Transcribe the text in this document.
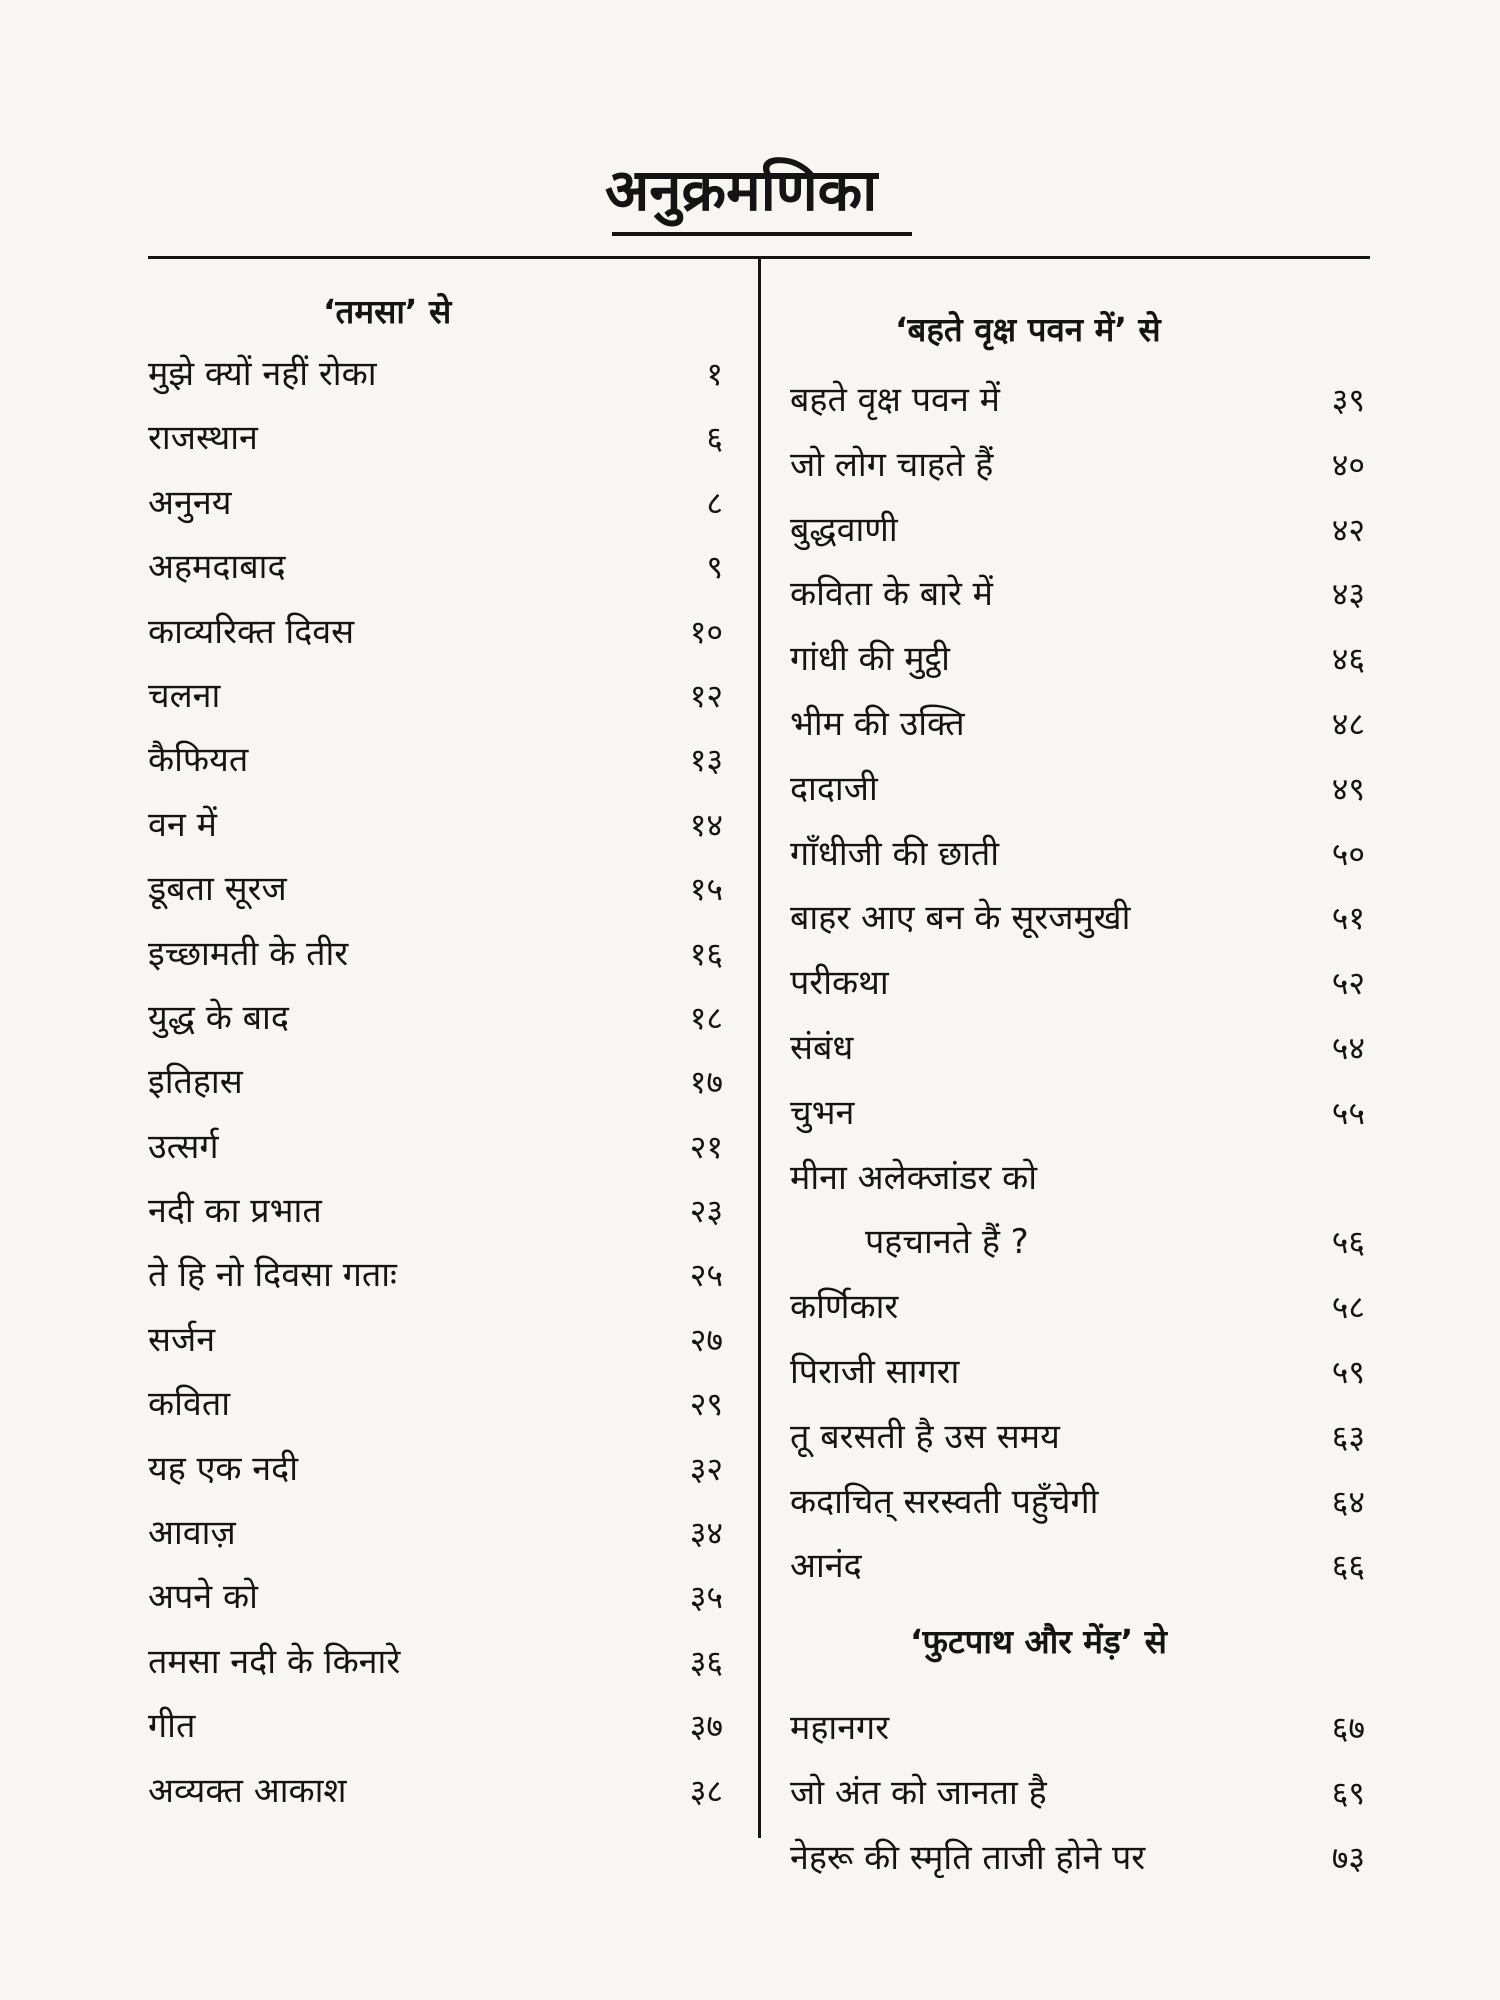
अनुक्रमणिका
‘तमसा’ से
मुझे क्यों नहीं रोका	१
राजस्थान	६
अनुनय	८
अहमदाबाद	९
काव्यरिक्त दिवस	१०
चलना	१२
कैफियत	१३
वन में	१४
डूबता सूरज	१५
इच्छामती के तीर	१६
युद्ध के बाद	१८
इतिहास	१७
उत्सर्ग	२१
नदी का प्रभात	२३
ते हि नो दिवसा गताः	२५
सर्जन	२७
कविता	२९
यह एक नदी	३२
आवाज़	३४
अपने को	३५
तमसा नदी के किनारे	३६
गीत	३७
अव्यक्त आकाश	३८
‘बहते वृक्ष पवन में’ से
बहते वृक्ष पवन में	३९
जो लोग चाहते हैं	४०
बुद्धवाणी	४२
कविता के बारे में	४३
गांधी की मुट्ठी	४६
भीम की उक्ति	४८
दादाजी	४९
गाँधीजी की छाती	५०
बाहर आए बन के सूरजमुखी	५१
परीकथा	५२
संबंध	५४
चुभन	५५
मीना अलेक्जांडर को
पहचानते हैं ?	५६
कर्णिकार	५८
पिराजी सागरा	५९
तू बरसती है उस समय	६३
कदाचित् सरस्वती पहुँचेगी	६४
आनंद	६६
‘फुटपाथ और मेंड़’ से
महानगर	६७
जो अंत को जानता है	६९
नेहरू की स्मृति ताजी होने पर	७३
